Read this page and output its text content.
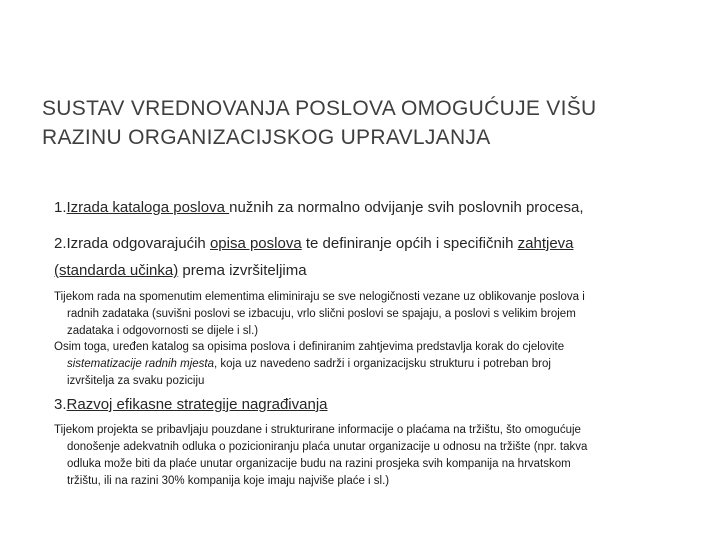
SUSTAV VREDNOVANJA POSLOVA OMOGUĆUJE VIŠU
RAZINU ORGANIZACIJSKOG UPRAVLJANJA
1.Izrada kataloga poslova nužnih za normalno odvijanje svih poslovnih procesa,
2.Izrada odgovarajućih opisa poslova te definiranje općih i specifičnih zahtjeva
(standarda učinka) prema izvršiteljima
Tijekom rada na spomenutim elementima eliminiraju se sve nelogičnosti vezane uz oblikovanje poslova i
radnih zadataka (suvišni poslovi se izbacuju, vrlo slični poslovi se spajaju, a poslovi s velikim brojem
zadataka i odgovornosti se dijele i sl.)
Osim toga, uređen katalog sa opisima poslova i definiranim zahtjevima predstavlja korak do cjelovite
sistematizacije radnih mjesta, koja uz navedeno sadrži i organizacijsku strukturu i potreban broj
izvršitelja za svaku poziciju
3.Razvoj efikasne strategije nagrađivanja
Tijekom projekta se pribavljaju pouzdane i strukturirane informacije o plaćama na tržištu, što omogućuje
donošenje adekvatnih odluka o pozicioniranju plaća unutar organizacije u odnosu na tržište (npr. takva
odluka može biti da plaće unutar organizacije budu na razini prosjeka svih kompanija na hrvatskom
tržištu, ili na razini 30% kompanija koje imaju najviše plaće i sl.)
